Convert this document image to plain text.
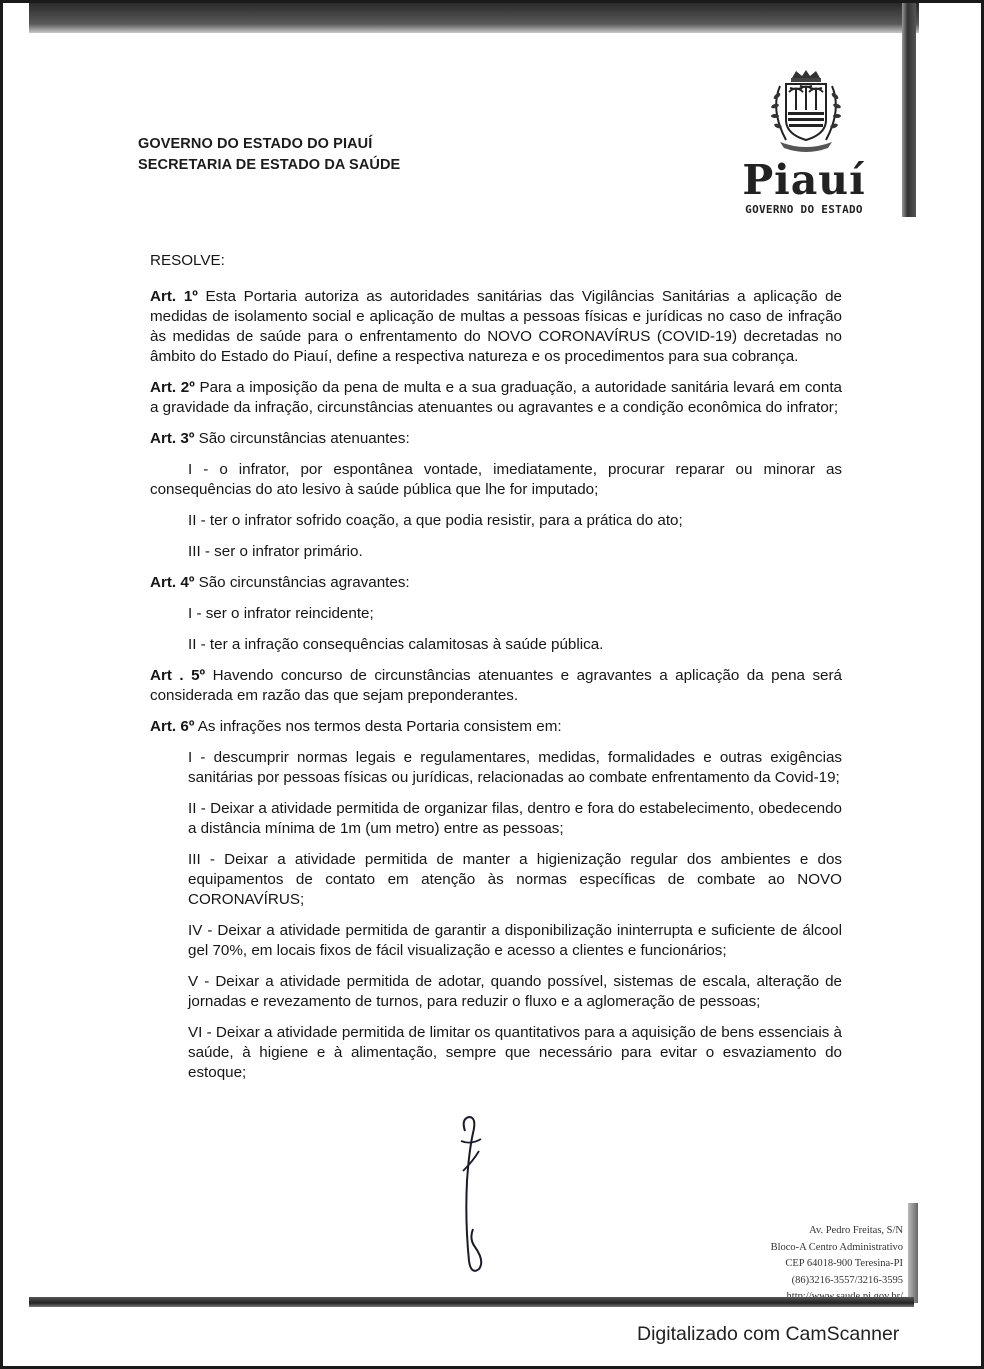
GOVERNO DO ESTADO DO PIAUÍ
SECRETARIA DE ESTADO DA SAÚDE	Piauí
GOVERNO DO ESTADO

RESOLVE:

Art. 1º Esta Portaria autoriza as autoridades sanitárias das Vigilâncias Sanitárias a aplicação de medidas de isolamento social e aplicação de multas a pessoas físicas e jurídicas no caso de infração às medidas de saúde para o enfrentamento do NOVO CORONAVÍRUS (COVID-19) decretadas no âmbito do Estado do Piauí, define a respectiva natureza e os procedimentos para sua cobrança.

Art. 2º Para a imposição da pena de multa e a sua graduação, a autoridade sanitária levará em conta a gravidade da infração, circunstâncias atenuantes ou agravantes e a condição econômica do infrator;

Art. 3º São circunstâncias atenuantes:

I - o infrator, por espontânea vontade, imediatamente, procurar reparar ou minorar as consequências do ato lesivo à saúde pública que lhe for imputado;

II - ter o infrator sofrido coação, a que podia resistir, para a prática do ato;

III - ser o infrator primário.

Art. 4º São circunstâncias agravantes:

I - ser o infrator reincidente;

II - ter a infração consequências calamitosas à saúde pública.

Art . 5º Havendo concurso de circunstâncias atenuantes e agravantes a aplicação da pena será considerada em razão das que sejam preponderantes.

Art. 6º As infrações nos termos desta Portaria consistem em:

I - descumprir normas legais e regulamentares, medidas, formalidades e outras exigências sanitárias por pessoas físicas ou jurídicas, relacionadas ao combate enfrentamento da Covid-19;

II - Deixar a atividade permitida de organizar filas, dentro e fora do estabelecimento, obedecendo a distância mínima de 1m (um metro) entre as pessoas;

III - Deixar a atividade permitida de manter a higienização regular dos ambientes e dos equipamentos de contato em atenção às normas específicas de combate ao NOVO CORONAVÍRUS;

IV - Deixar a atividade permitida de garantir a disponibilização ininterrupta e suficiente de álcool gel 70%, em locais fixos de fácil visualização e acesso a clientes e funcionários;

V - Deixar a atividade permitida de adotar, quando possível, sistemas de escala, alteração de jornadas e revezamento de turnos, para reduzir o fluxo e a aglomeração de pessoas;

VI - Deixar a atividade permitida de limitar os quantitativos para a aquisição de bens essenciais à saúde, à higiene e à alimentação, sempre que necessário para evitar o esvaziamento do estoque;

Av. Pedro Freitas, S/N
Bloco-A Centro Administrativo
CEP 64018-900 Teresina-PI
(86)3216-3557/3216-3595
Digitalizado com CamScanner
